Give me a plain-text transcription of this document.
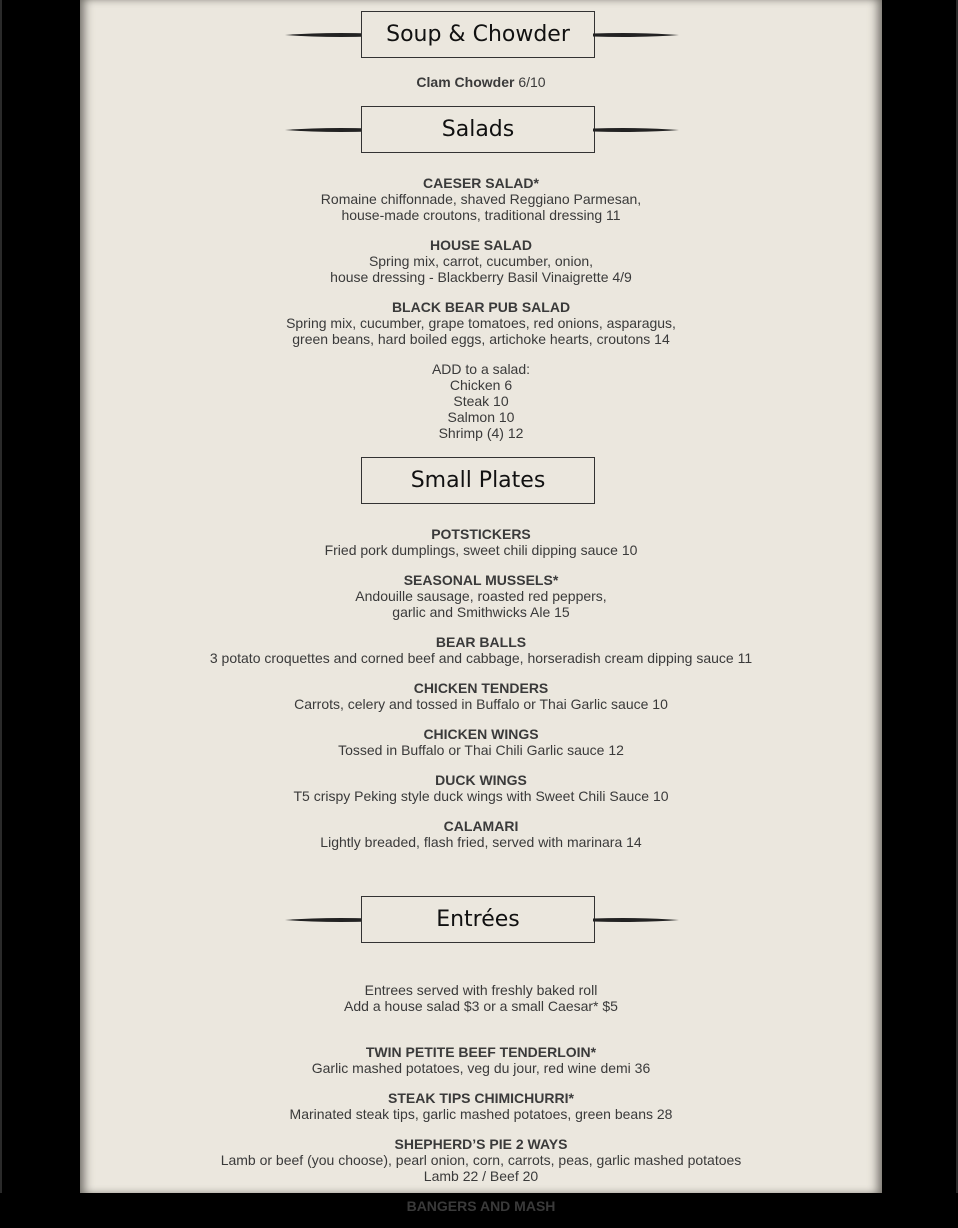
Soup & Chowder
Clam Chowder 6/10
Salads
CAESER SALAD*
Romaine chiffonnade, shaved Reggiano Parmesan,
house-made croutons, traditional dressing 11
HOUSE SALAD
Spring mix, carrot, cucumber, onion,
house dressing - Blackberry Basil Vinaigrette 4/9
BLACK BEAR PUB SALAD
Spring mix, cucumber, grape tomatoes, red onions, asparagus,
green beans, hard boiled eggs, artichoke hearts, croutons 14
ADD to a salad:
Chicken 6
Steak 10
Salmon 10
Shrimp (4) 12
Small Plates
POTSTICKERS
Fried pork dumplings, sweet chili dipping sauce 10
SEASONAL MUSSELS*
Andouille sausage, roasted red peppers,
garlic and Smithwicks Ale 15
BEAR BALLS
3 potato croquettes and corned beef and cabbage, horseradish cream dipping sauce 11
CHICKEN TENDERS
Carrots, celery and tossed in Buffalo or Thai Garlic sauce 10
CHICKEN WINGS
Tossed in Buffalo or Thai Chili Garlic sauce 12
DUCK WINGS
T5 crispy Peking style duck wings with Sweet Chili Sauce 10
CALAMARI
Lightly breaded, flash fried, served with marinara 14
Entrées
Entrees served with freshly baked roll
Add a house salad $3 or a small Caesar* $5
TWIN PETITE BEEF TENDERLOIN*
Garlic mashed potatoes, veg du jour, red wine demi 36
STEAK TIPS CHIMICHURRI*
Marinated steak tips, garlic mashed potatoes, green beans 28
SHEPHERD’S PIE 2 WAYS
Lamb or beef (you choose), pearl onion, corn, carrots, peas, garlic mashed potatoes
Lamb 22 / Beef 20
BANGERS AND MASH
